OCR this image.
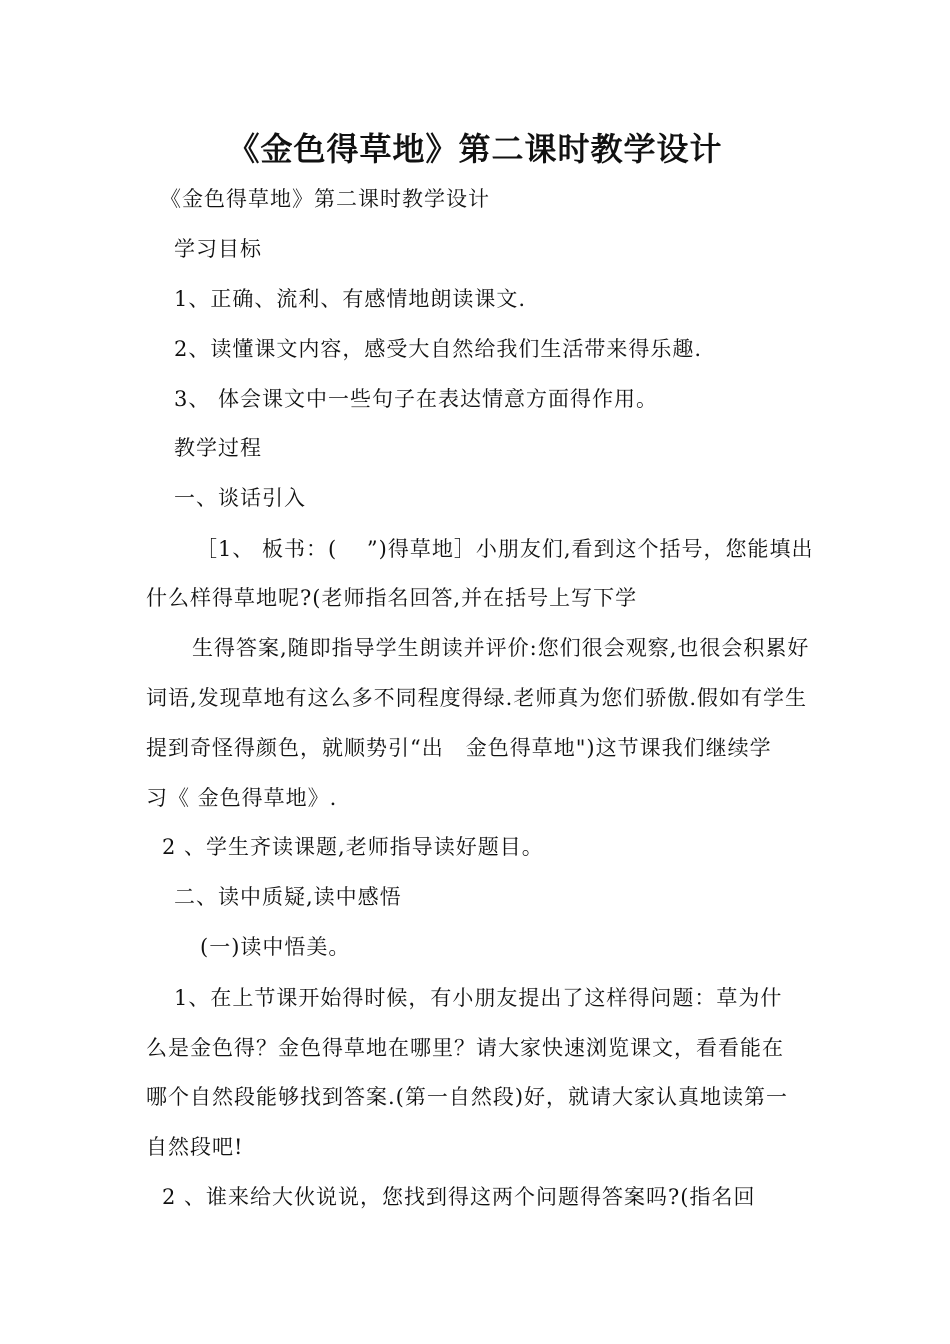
《金色得草地》第二课时教学设计
《金色得草地》第二课时教学设计
学习目标
1、正确、流利、有感情地朗读课文.
2、读懂课文内容，感受大自然给我们生活带来得乐趣.
3、 体会课文中一些句子在表达情意方面得作用。
教学过程
一、谈话引入
［1、 板书：(　 ”)得草地］小朋友们,看到这个括号，您能填出
什么样得草地呢?(老师指名回答,并在括号上写下学
生得答案,随即指导学生朗读并评价:您们很会观察,也很会积累好
词语,发现草地有这么多不同程度得绿.老师真为您们骄傲.假如有学生
提到奇怪得颜色，就顺势引“出　金色得草地")这节课我们继续学
习《 金色得草地》.
2 、学生齐读课题,老师指导读好题目。
二、读中质疑,读中感悟
(一)读中悟美。
1、在上节课开始得时候，有小朋友提出了这样得问题：草为什
么是金色得？金色得草地在哪里？请大家快速浏览课文，看看能在
哪个自然段能够找到答案.(第一自然段)好，就请大家认真地读第一
自然段吧!
2 、谁来给大伙说说，您找到得这两个问题得答案吗?(指名回
